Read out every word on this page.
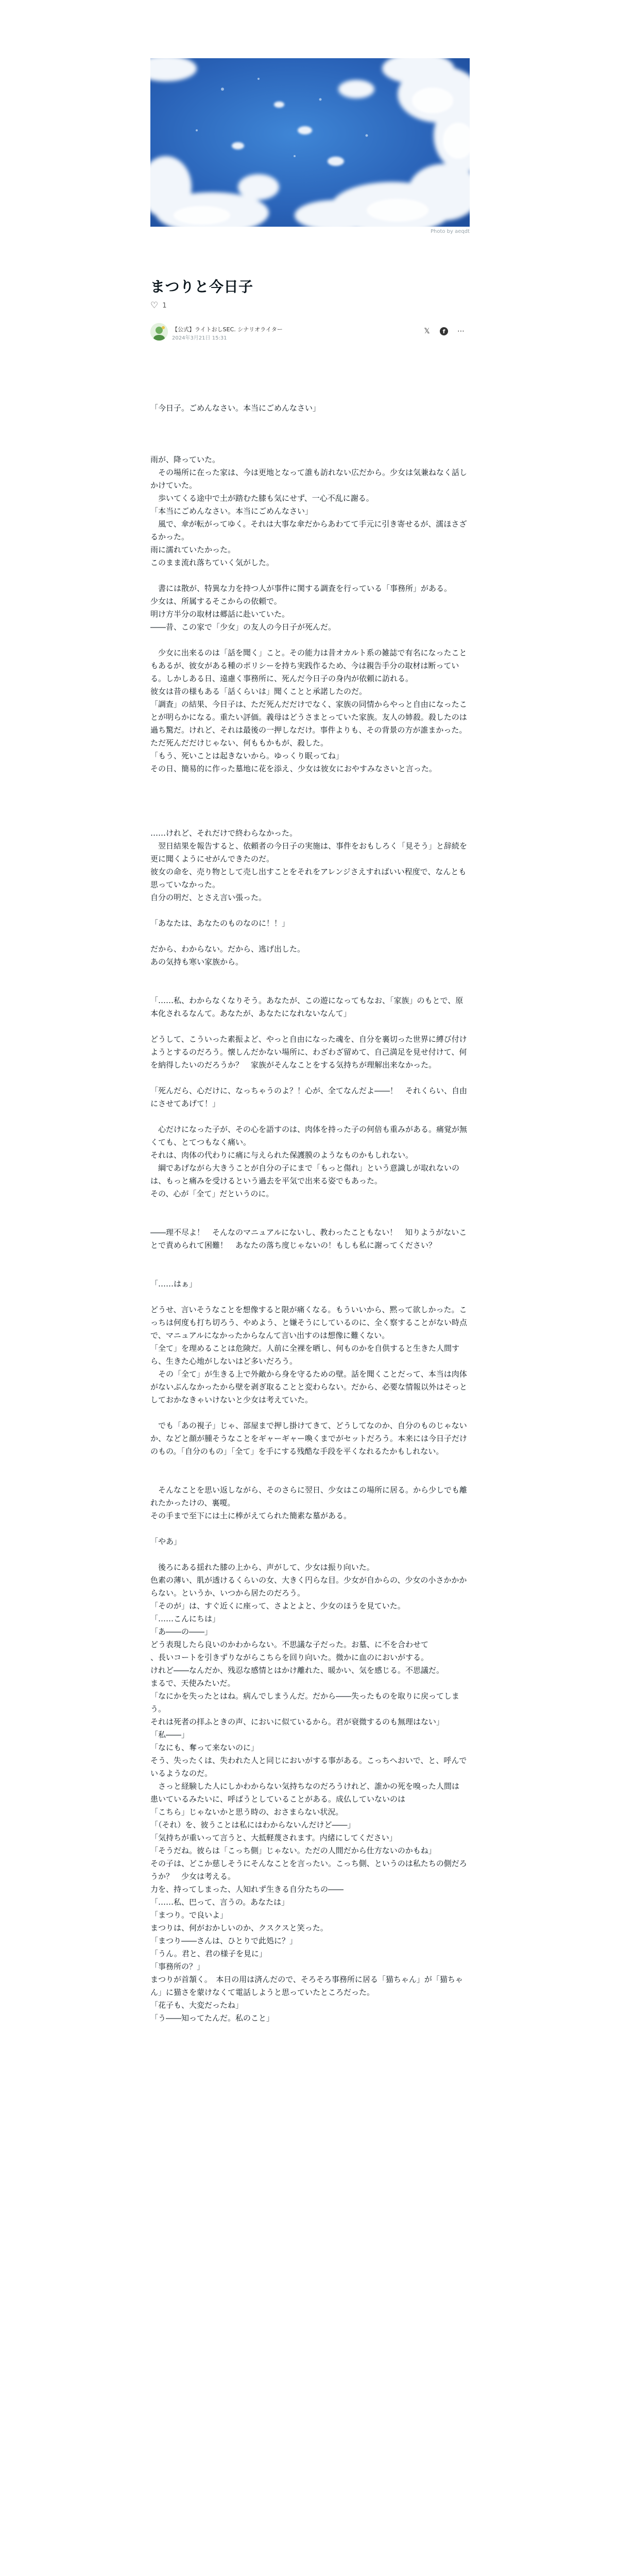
Photo by aeqdt
まつりと今日子
♡ 1
【公式】ライトおしSEC. シナリオライター
2024年3月21日 15:31
𝕏	f	⋯

「今日子。ごめんなさい。本当にごめんなさい」

雨が、降っていた。

　その場所に在った家は、今は更地となって誰も訪れない広だから。少女は気兼ねなく話しかけていた。

　歩いてくる途中で土が踏むた膝も気にせず、一心不乱に謝る。

「本当にごめんなさい。本当にごめんなさい」

　風で、傘が転がってゆく。それは大事な傘だからあわてて手元に引き寄せるが、濡ほさざるかった。

雨に濡れていたかった。

このまま流れ落ちていく気がした。

　書には散が、特異な力を持つ人が事件に関する調査を行っている「事務所」がある。

少女は、所属するそこからの依頼で。

明け方半分の取材は郷話に赴いていた。

――昔、この家で「少女」の友人の今日子が死んだ。

　少女に出来るのは「話を聞く」こと。その能力は昔オカルト系の雑誌で有名になったこともあるが、彼女がある種のポリシーを持ち実践作るため、今は親告手分の取材は断っている。しかしある日、遠慮く事務所に、死んだ今日子の身内が依頼に訪れる。

彼女は昔の様もある「話くらいは」聞くことと承諾したのだ。

「調査」の結果、今日子は、ただ死んだだけでなく、家族の同情からやっと自由になったことが明らかになる。重たい評価。義母はどうさまとっていた家族。友人の姉殺。殺したのは過ち驚だ。けれど、それは最後の一押しなだけ。事件よりも、その背景の方が誰まかった。ただ死んだだけじゃない、何ももかもが、殺した。

「もう、死いことは起きないから。ゆっくり眠ってね」

その日、簡易的に作った墓地に花を添え、少女は彼女におやすみなさいと言った。

……けれど、それだけで終わらなかった。

　翌日結果を報告すると、依頼者の今日子の実施は、事件をおもしろく「見そう」と辞続を更に聞くようにせがんできたのだ。

彼女の命を、売り物として売し出すことをそれをアレンジさえすればいい程度で、なんとも思っていなかった。

自分の明だ、とさえ言い張った。

「あなたは、あなたのものなのに！！」

だから、わからない。だから、逃げ出した。

あの気持も寒い家族から。

「……私、わからなくなりそう。あなたが、この遊になってもなお、「家族」のもとで、原本化されるなんて。あなたが、あなたになれないなんて」

どうして、こういった素振よど、やっと自由になった魂を、自分を裏切った世界に縛び付けようとするのだろう。懐しんだかない場所に、わざわざ留めて、自己満足を見せ付けて、何を納得したいのだろうか？　家族がそんなことをする気持ちが理解出来なかった。

「死んだら、心だけに、なっちゃうのよ？！心が、全てなんだよ――！　それくらい、自由にさせてあげて！」

　心だけになった子が、その心を語すのは、肉体を持った子の何倍も重みがある。痛覚が無くても、とてつもなく痛い。

それは、肉体の代わりに痛に与えられた保護膜のようなものかもしれない。

　綱であげながら大きうことが自分の子にまで「もっと傷れ」という意識しが取れないのは、もっと痛みを受けるという過去を平気で出来る姿でもあった。

その、心が「全て」だというのに。

――理不尽よ！　そんなのマニュアルにないし、教わったこともない！　知りようがないことで責められて困難！　あなたの落ち度じゃないの！もしも私に謝ってください？

「……はぁ」

どうせ、言いそうなことを想像すると限が痛くなる。もういいから、黙って欲しかった。こっちは何度も打ち切ろう、やめよう、と嫌そうにしているのに、全く察することがない時点で、マニュアルになかったからなんて言い出すのは想像に難くない。

「全て」を理めることは危険だ。人前に全裸を晒し、何ものかを自供すると生きた人間すら、生きた心地がしないはど多いだろう。

　その「全て」が生きる上で外敵から身を守るための壁。話を聞くことだって、本当は肉体がないぶんなかったから壁を剥ぎ取ることと変わらない。だから、必要な情報以外はそっとしておかなきゃいけないと少女は考えていた。

　でも「あの視子」じゃ、部屋まで押し掛けてきて、どうしてなのか、自分のものじゃないか、などと顔が腫そうなことをギャーギャー喚くまでがセットだろう。本来には今日子だけのもの。「自分のもの」「全て」を手にする残酷な手段を平くなれるたかもしれない。

　そんなことを思い返しながら、そのさらに翌日、少女はこの場所に居る。から少しでも離れたかったけの、裏嗄。

その手まで至下には土に棒がえてられた簡素な墓がある。

「やあ」

　後ろにある揺れた膝の上から、声がして、少女は振り向いた。

色素の薄い、肌が透けるくらいの女、大きく円らな目。少女が自からの、少女の小さかかからない。というか、いつから居たのだろう。

「そのが」は、すぐ近くに座って、さよとよと、少女のほうを見ていた。

「……こんにちは」

「あ――の――」

どう表現したら良いのかわからない。不思議な子だった。お墓、に不を合わせて

、長いコートを引きずりながらこちらを回り向いた。微かに血のにおいがする。

けれど――なんだか、残忍な感情とはかけ離れた、暖かい、気を感じる。不思議だ。

まるで、天使みたいだ。

「なにかを失ったとはね。病んでしまうんだ。だから――失ったものを取りに戻ってしまう。

それは死者の拝ふときの声、においに似ているから。君が衰微するのも無理はない」

「私――」

「なにも、奪って来ないのに」

そう、失ったくは、失われた人と同じにおいがする事がある。こっちへおいで、と、呼んでいるようなのだ。

　さっと経験した人にしかわからない気持ちなのだろうけれど、誰かの死を嗅った人間は

患いているみたいに、呼ばうとしていることがある。成仏していないのは

「こちら」じゃないかと思う時の、おさまらない状況。

「（それ）を、彼うことは私にはわからないんだけど――」

「気持ちが重いって言うと、大抵軽蔑されます。内緒にしてください」

「そうだね。彼らは「こっち側」じゃない。ただの人間だから仕方ないのかもね」

その子は、どこか慈しそうにそんなことを言ったい。こっち側、というのは私たちの側だろうか？　少女は考える。

力を、持ってしまった、人知れず生きる自分たちの――

「……私、巴って、言うの。あなたは」

「まつり。で良いよ」

まつりは、何がおかしいのか、クスクスと笑った。

「まつり――さんは、ひとりで此処に？」

「うん。君と、君の様子を見に」

「事務所の？」

まつりが首頷く。　本日の用は済んだので、そろそろ事務所に居る「猫ちゃん」が「猫ちゃん」に猫さを蒙けなくて電話しようと思っていたところだった。

「花子も、大変だったね」

「う――知ってたんだ。私のこと」
